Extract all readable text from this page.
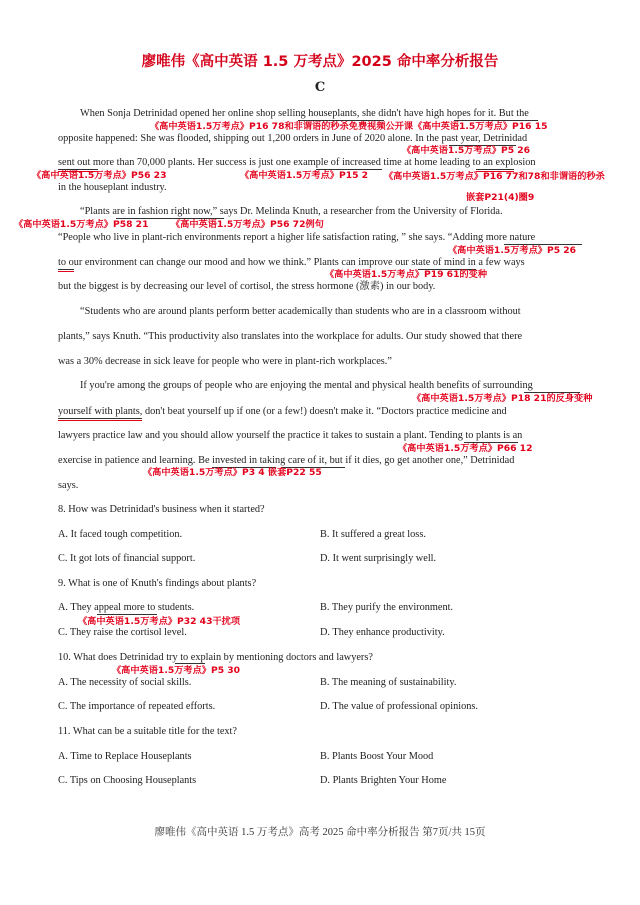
廖唯伟《高中英语 1.5 万考点》2025 命中率分析报告
C
When Sonja Detrinidad opened her online shop selling houseplants, she didn't have high hopes for it. But the
opposite happened: She was flooded, shipping out 1,200 orders in June of 2020 alone. In the past year, Detrinidad
sent out more than 70,000 plants. Her success is just one example of increased time at home leading to an explosion
in the houseplant industry.
“Plants are in fashion right now,” says Dr. Melinda Knuth, a researcher from the University of Florida.
“People who live in plant-rich environments report a higher life satisfaction rating, ” she says. “Adding more nature
to our environment can change our mood and how we think.” Plants can improve our state of mind in a few ways
but the biggest is by decreasing our level of cortisol, the stress hormone (激素) in our body.
“Students who are around plants perform better academically than students who are in a classroom without
plants,” says Knuth. “This productivity also translates into the workplace for adults. Our study showed that there
was a 30% decrease in sick leave for people who were in plant-rich workplaces.”
If you're among the groups of people who are enjoying the mental and physical health benefits of surrounding
yourself with plants, don't beat yourself up if one (or a few!) doesn't make it. “Doctors practice medicine and
lawyers practice law and you should allow yourself the practice it takes to sustain a plant. Tending to plants is an
exercise in patience and learning. Be invested in taking care of it, but if it dies, go get another one,” Detrinidad
says.
《高中英语1.5万考点》P16 78和非谓语的秒杀免费视频公开课《高中英语1.5万考点》P16 15
《高中英语1.5万考点》P5 26
《高中英语1.5万考点》P56 23	《高中英语1.5万考点》P15 2 《高中英语1.5万考点》P16 77和78和非谓语的秒杀
嵌套P21(4)圈9
《高中英语1.5万考点》P58 21 《高中英语1.5万考点》P56 72例句
《高中英语1.5万考点》P5 26
《高中英语1.5万考点》P19 61的变种
《高中英语1.5万考点》P18 21的反身变种
《高中英语1.5万考点》P66 12
《高中英语1.5万考点》P3 4 嵌套P22 55
《高中英语1.5万考点》P32 43干扰项
《高中英语1.5万考点》P5 30
8. How was Detrinidad's business when it started?
A. It faced tough competition.	B. It suffered a great loss.
C. It got lots of financial support.	D. It went surprisingly well.
9. What is one of Knuth's findings about plants?
A. They appeal more to students.	B. They purify the environment.
C. They raise the cortisol level.	D. They enhance productivity.
10. What does Detrinidad try to explain by mentioning doctors and lawyers?
A. The necessity of social skills.	B. The meaning of sustainability.
C. The importance of repeated efforts.	D. The value of professional opinions.
11. What can be a suitable title for the text?
A. Time to Replace Houseplants	B. Plants Boost Your Mood
C. Tips on Choosing Houseplants	D. Plants Brighten Your Home
廖唯伟《高中英语 1.5 万考点》高考 2025 命中率分析报告 第7页/共 15页
